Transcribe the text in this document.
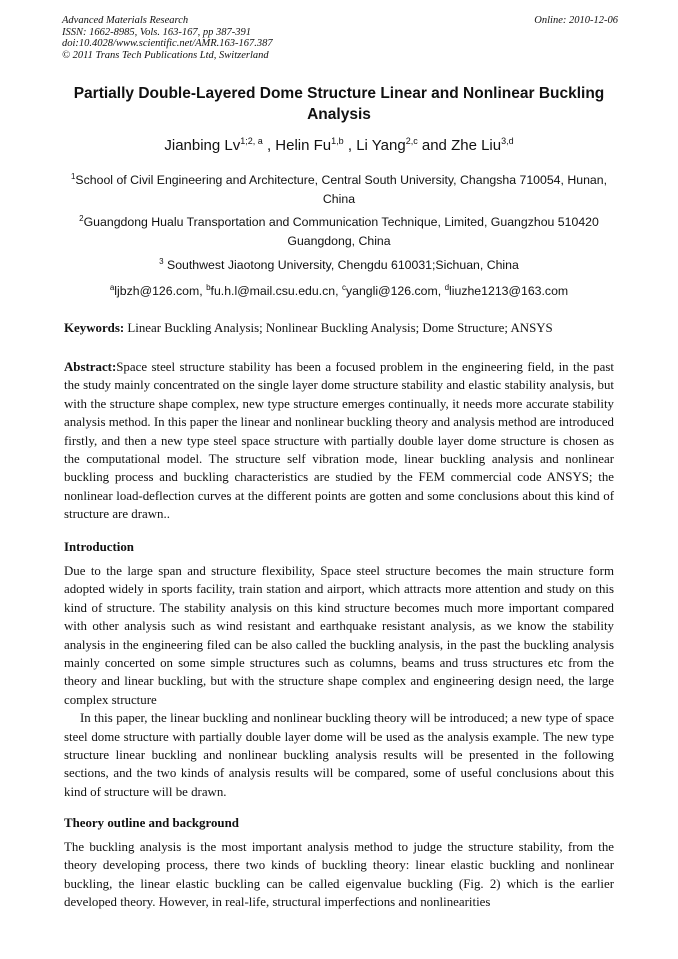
Advanced Materials Research
ISSN: 1662-8985, Vols. 163-167, pp 387-391
doi:10.4028/www.scientific.net/AMR.163-167.387
© 2011 Trans Tech Publications Ltd, Switzerland
Online: 2010-12-06
Partially Double-Layered Dome Structure Linear and Nonlinear Buckling Analysis
Jianbing Lv$^{1;2, a}$ , Helin Fu$^{1,b}$ , Li Yang$^{2,c}$ and Zhe Liu$^{3,d}$
$^1$School of Civil Engineering and Architecture, Central South University, Changsha 710054, Hunan, China
$^2$Guangdong Hualu Transportation and Communication Technique, Limited, Guangzhou 510420 Guangdong, China
$^3$ Southwest Jiaotong University, Chengdu 610031;Sichuan, China
$^a$ljbzh@126.com, $^b$fu.h.l@mail.csu.edu.cn, $^c$yangli@126.com, $^d$liuzhe1213@163.com
Keywords: Linear Buckling Analysis; Nonlinear Buckling Analysis; Dome Structure; ANSYS
Abstract:Space steel structure stability has been a focused problem in the engineering field, in the past the study mainly concentrated on the single layer dome structure stability and elastic stability analysis, but with the structure shape complex, new type structure emerges continually, it needs more accurate stability analysis method. In this paper the linear and nonlinear buckling theory and analysis method are introduced firstly, and then a new type steel space structure with partially double layer dome structure is chosen as the computational model. The structure self vibration mode, linear buckling analysis and nonlinear buckling process and buckling characteristics are studied by the FEM commercial code ANSYS; the nonlinear load-deflection curves at the different points are gotten and some conclusions about this kind of structure are drawn..
Introduction

Due to the large span and structure flexibility, Space steel structure becomes the main structure form adopted widely in sports facility, train station and airport, which attracts more attention and study on this kind of structure. The stability analysis on this kind structure becomes much more important compared with other analysis such as wind resistant and earthquake resistant analysis, as we know the stability analysis in the engineering filed can be also called the buckling analysis, in the past the buckling analysis mainly concerted on some simple structures such as columns, beams and truss structures etc from the theory and linear buckling, but with the structure shape complex and engineering design need, the large complex structure

In this paper, the linear buckling and nonlinear buckling theory will be introduced; a new type of space steel dome structure with partially double layer dome will be used as the analysis example. The new type structure linear buckling and nonlinear buckling analysis results will be presented in the following sections, and the two kinds of analysis results will be compared, some of useful conclusions about this kind of structure will be drawn.

Theory outline and background

The buckling analysis is the most important analysis method to judge the structure stability, from the theory developing process, there two kinds of buckling theory: linear elastic buckling and nonlinear buckling, the linear elastic buckling can be called eigenvalue buckling (Fig. 2) which is the earlier developed theory. However, in real-life, structural imperfections and nonlinearities
